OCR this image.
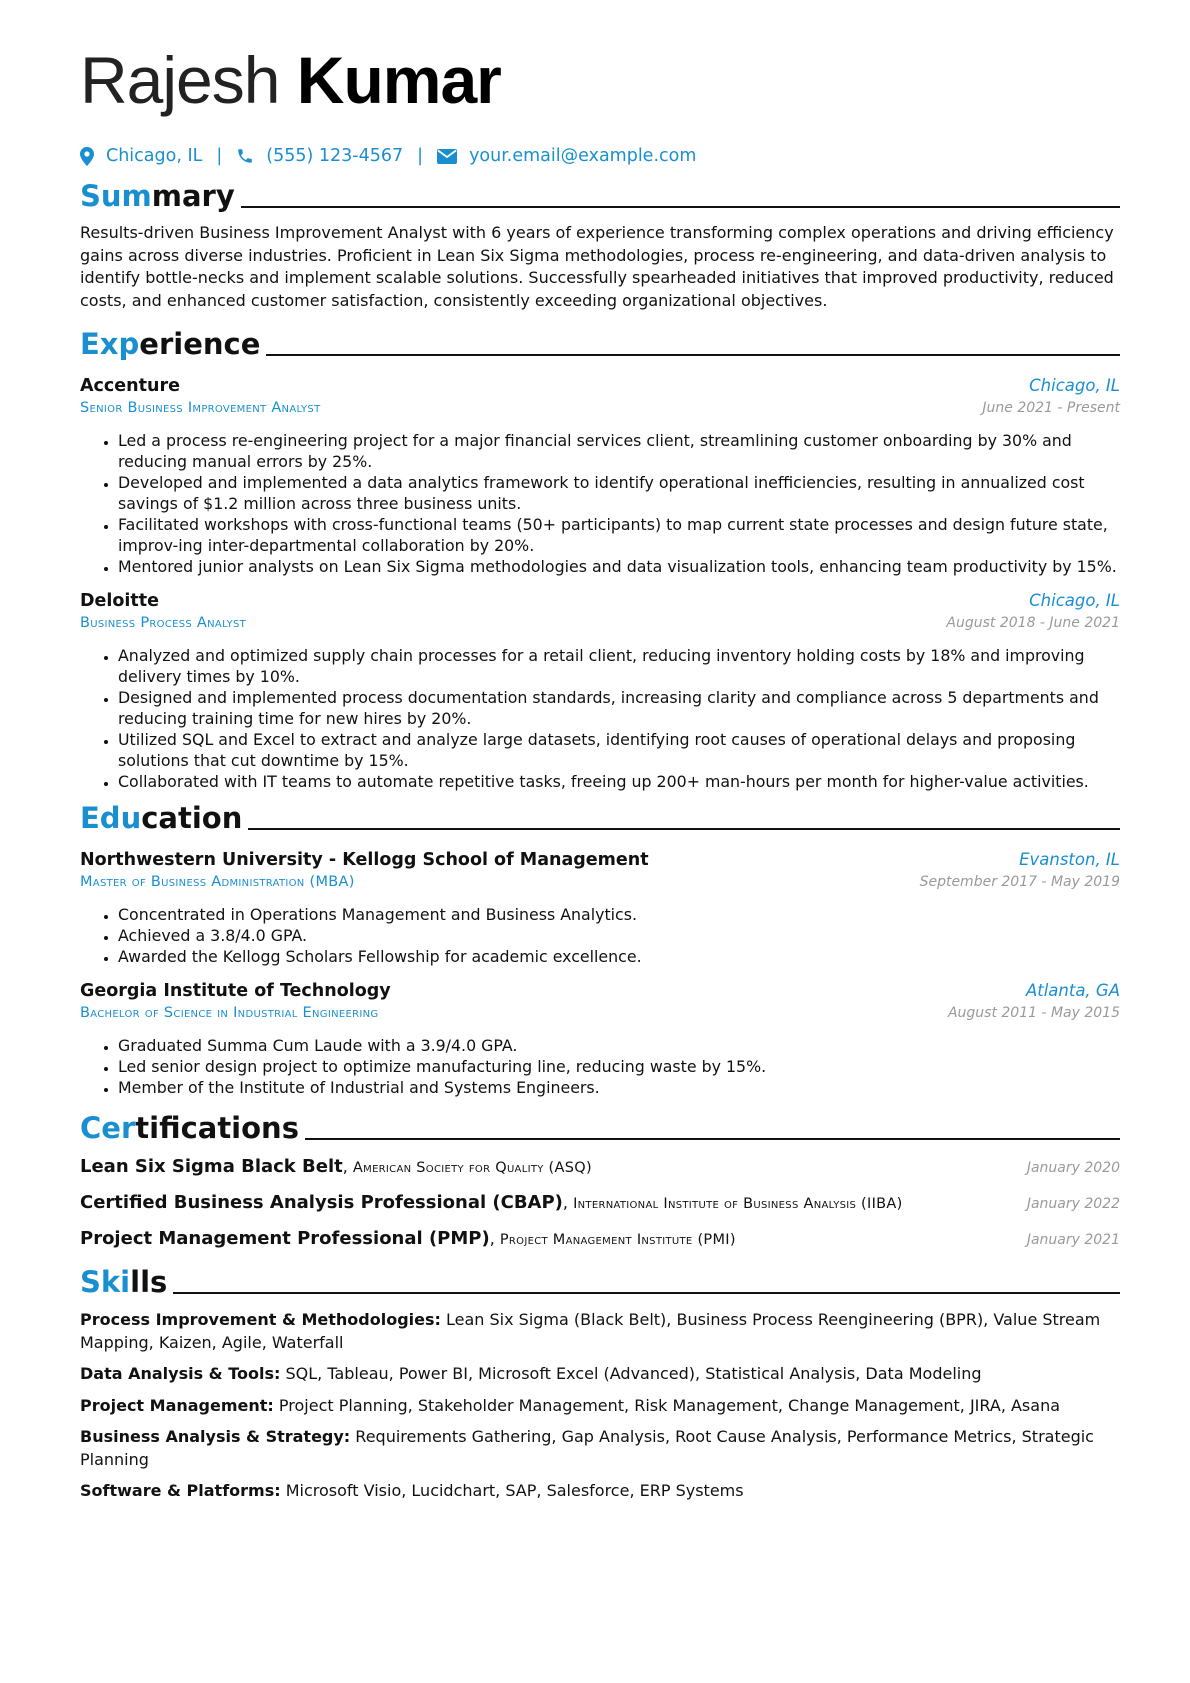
Rajesh Kumar
Chicago, IL |	(555) 123-4567 |	your.email@example.com
Summary
Results-driven Business Improvement Analyst with 6 years of experience transforming complex operations and driving efficiency gains across diverse industries. Proficient in Lean Six Sigma methodologies, process re-engineering, and data-driven analysis to identify bottle-necks and implement scalable solutions. Successfully spearheaded initiatives that improved productivity, reduced costs, and enhanced customer satisfaction, consistently exceeding organizational objectives.
Experience
Accenture	Chicago, IL
Senior Business Improvement Analyst	June 2021 - Present
• Led a process re-engineering project for a major financial services client, streamlining customer onboarding by 30% and reducing manual errors by 25%.
• Developed and implemented a data analytics framework to identify operational inefficiencies, resulting in annualized cost savings of $1.2 million across three business units.
• Facilitated workshops with cross-functional teams (50+ participants) to map current state processes and design future state, improv-ing inter-departmental collaboration by 20%.
• Mentored junior analysts on Lean Six Sigma methodologies and data visualization tools, enhancing team productivity by 15%.
Deloitte	Chicago, IL
Business Process Analyst	August 2018 - June 2021
• Analyzed and optimized supply chain processes for a retail client, reducing inventory holding costs by 18% and improving delivery times by 10%.
• Designed and implemented process documentation standards, increasing clarity and compliance across 5 departments and reducing training time for new hires by 20%.
• Utilized SQL and Excel to extract and analyze large datasets, identifying root causes of operational delays and proposing solutions that cut downtime by 15%.
• Collaborated with IT teams to automate repetitive tasks, freeing up 200+ man-hours per month for higher-value activities.
Education
Northwestern University - Kellogg School of Management	Evanston, IL
Master of Business Administration (MBA)	September 2017 - May 2019
• Concentrated in Operations Management and Business Analytics.
• Achieved a 3.8/4.0 GPA.
• Awarded the Kellogg Scholars Fellowship for academic excellence.
Georgia Institute of Technology	Atlanta, GA
Bachelor of Science in Industrial Engineering	August 2011 - May 2015
• Graduated Summa Cum Laude with a 3.9/4.0 GPA.
• Led senior design project to optimize manufacturing line, reducing waste by 15%.
• Member of the Institute of Industrial and Systems Engineers.
Certifications
Lean Six Sigma Black Belt, American Society for Quality (ASQ)	January 2020
Certified Business Analysis Professional (CBAP), International Institute of Business Analysis (IIBA)	January 2022
Project Management Professional (PMP), Project Management Institute (PMI)	January 2021
Skills
Process Improvement & Methodologies: Lean Six Sigma (Black Belt), Business Process Reengineering (BPR), Value Stream Mapping, Kaizen, Agile, Waterfall
Data Analysis & Tools: SQL, Tableau, Power BI, Microsoft Excel (Advanced), Statistical Analysis, Data Modeling
Project Management: Project Planning, Stakeholder Management, Risk Management, Change Management, JIRA, Asana
Business Analysis & Strategy: Requirements Gathering, Gap Analysis, Root Cause Analysis, Performance Metrics, Strategic Planning
Software & Platforms: Microsoft Visio, Lucidchart, SAP, Salesforce, ERP Systems
